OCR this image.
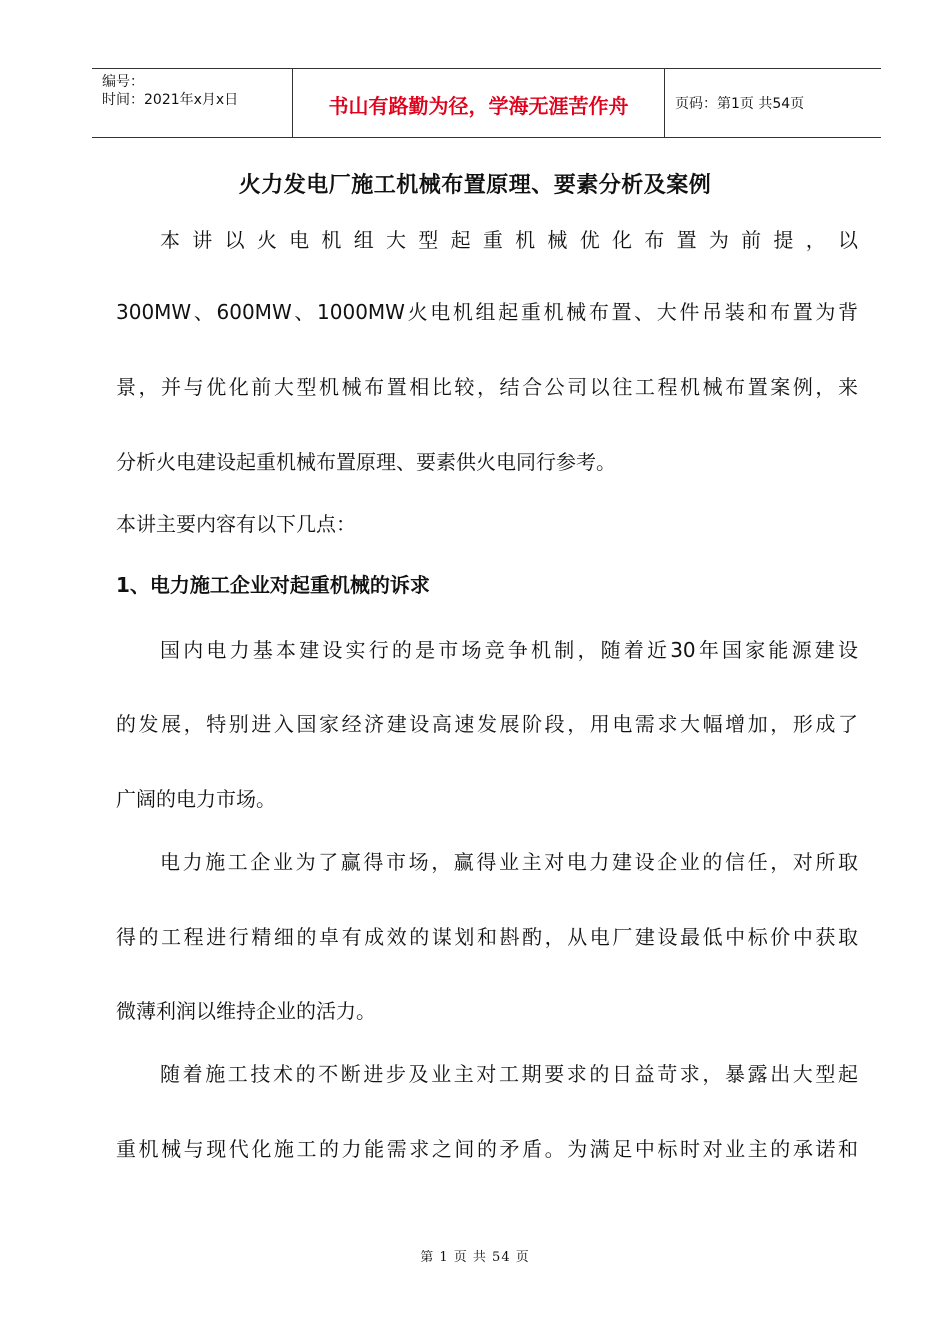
编号：
时间：2021年x月x日	书山有路勤为径，学海无涯苦作舟	页码：第1页 共54页
火力发电厂施工机械布置原理、要素分析及案例

本讲以火电机组大型起重机械优化布置为前提，以

300MW、600MW、1000MW火电机组起重机械布置、大件吊装和布置为背

景，并与优化前大型机械布置相比较，结合公司以往工程机械布置案例，来

分析火电建设起重机械布置原理、要素供火电同行参考。

本讲主要内容有以下几点：

1、电力施工企业对起重机械的诉求

国内电力基本建设实行的是市场竞争机制，随着近30年国家能源建设

的发展，特别进入国家经济建设高速发展阶段，用电需求大幅增加，形成了

广阔的电力市场。

电力施工企业为了赢得市场，赢得业主对电力建设企业的信任，对所取

得的工程进行精细的卓有成效的谋划和斟酌，从电厂建设最低中标价中获取

微薄利润以维持企业的活力。

随着施工技术的不断进步及业主对工期要求的日益苛求，暴露出大型起

重机械与现代化施工的力能需求之间的矛盾。为满足中标时对业主的承诺和

第 1 页 共 54 页
